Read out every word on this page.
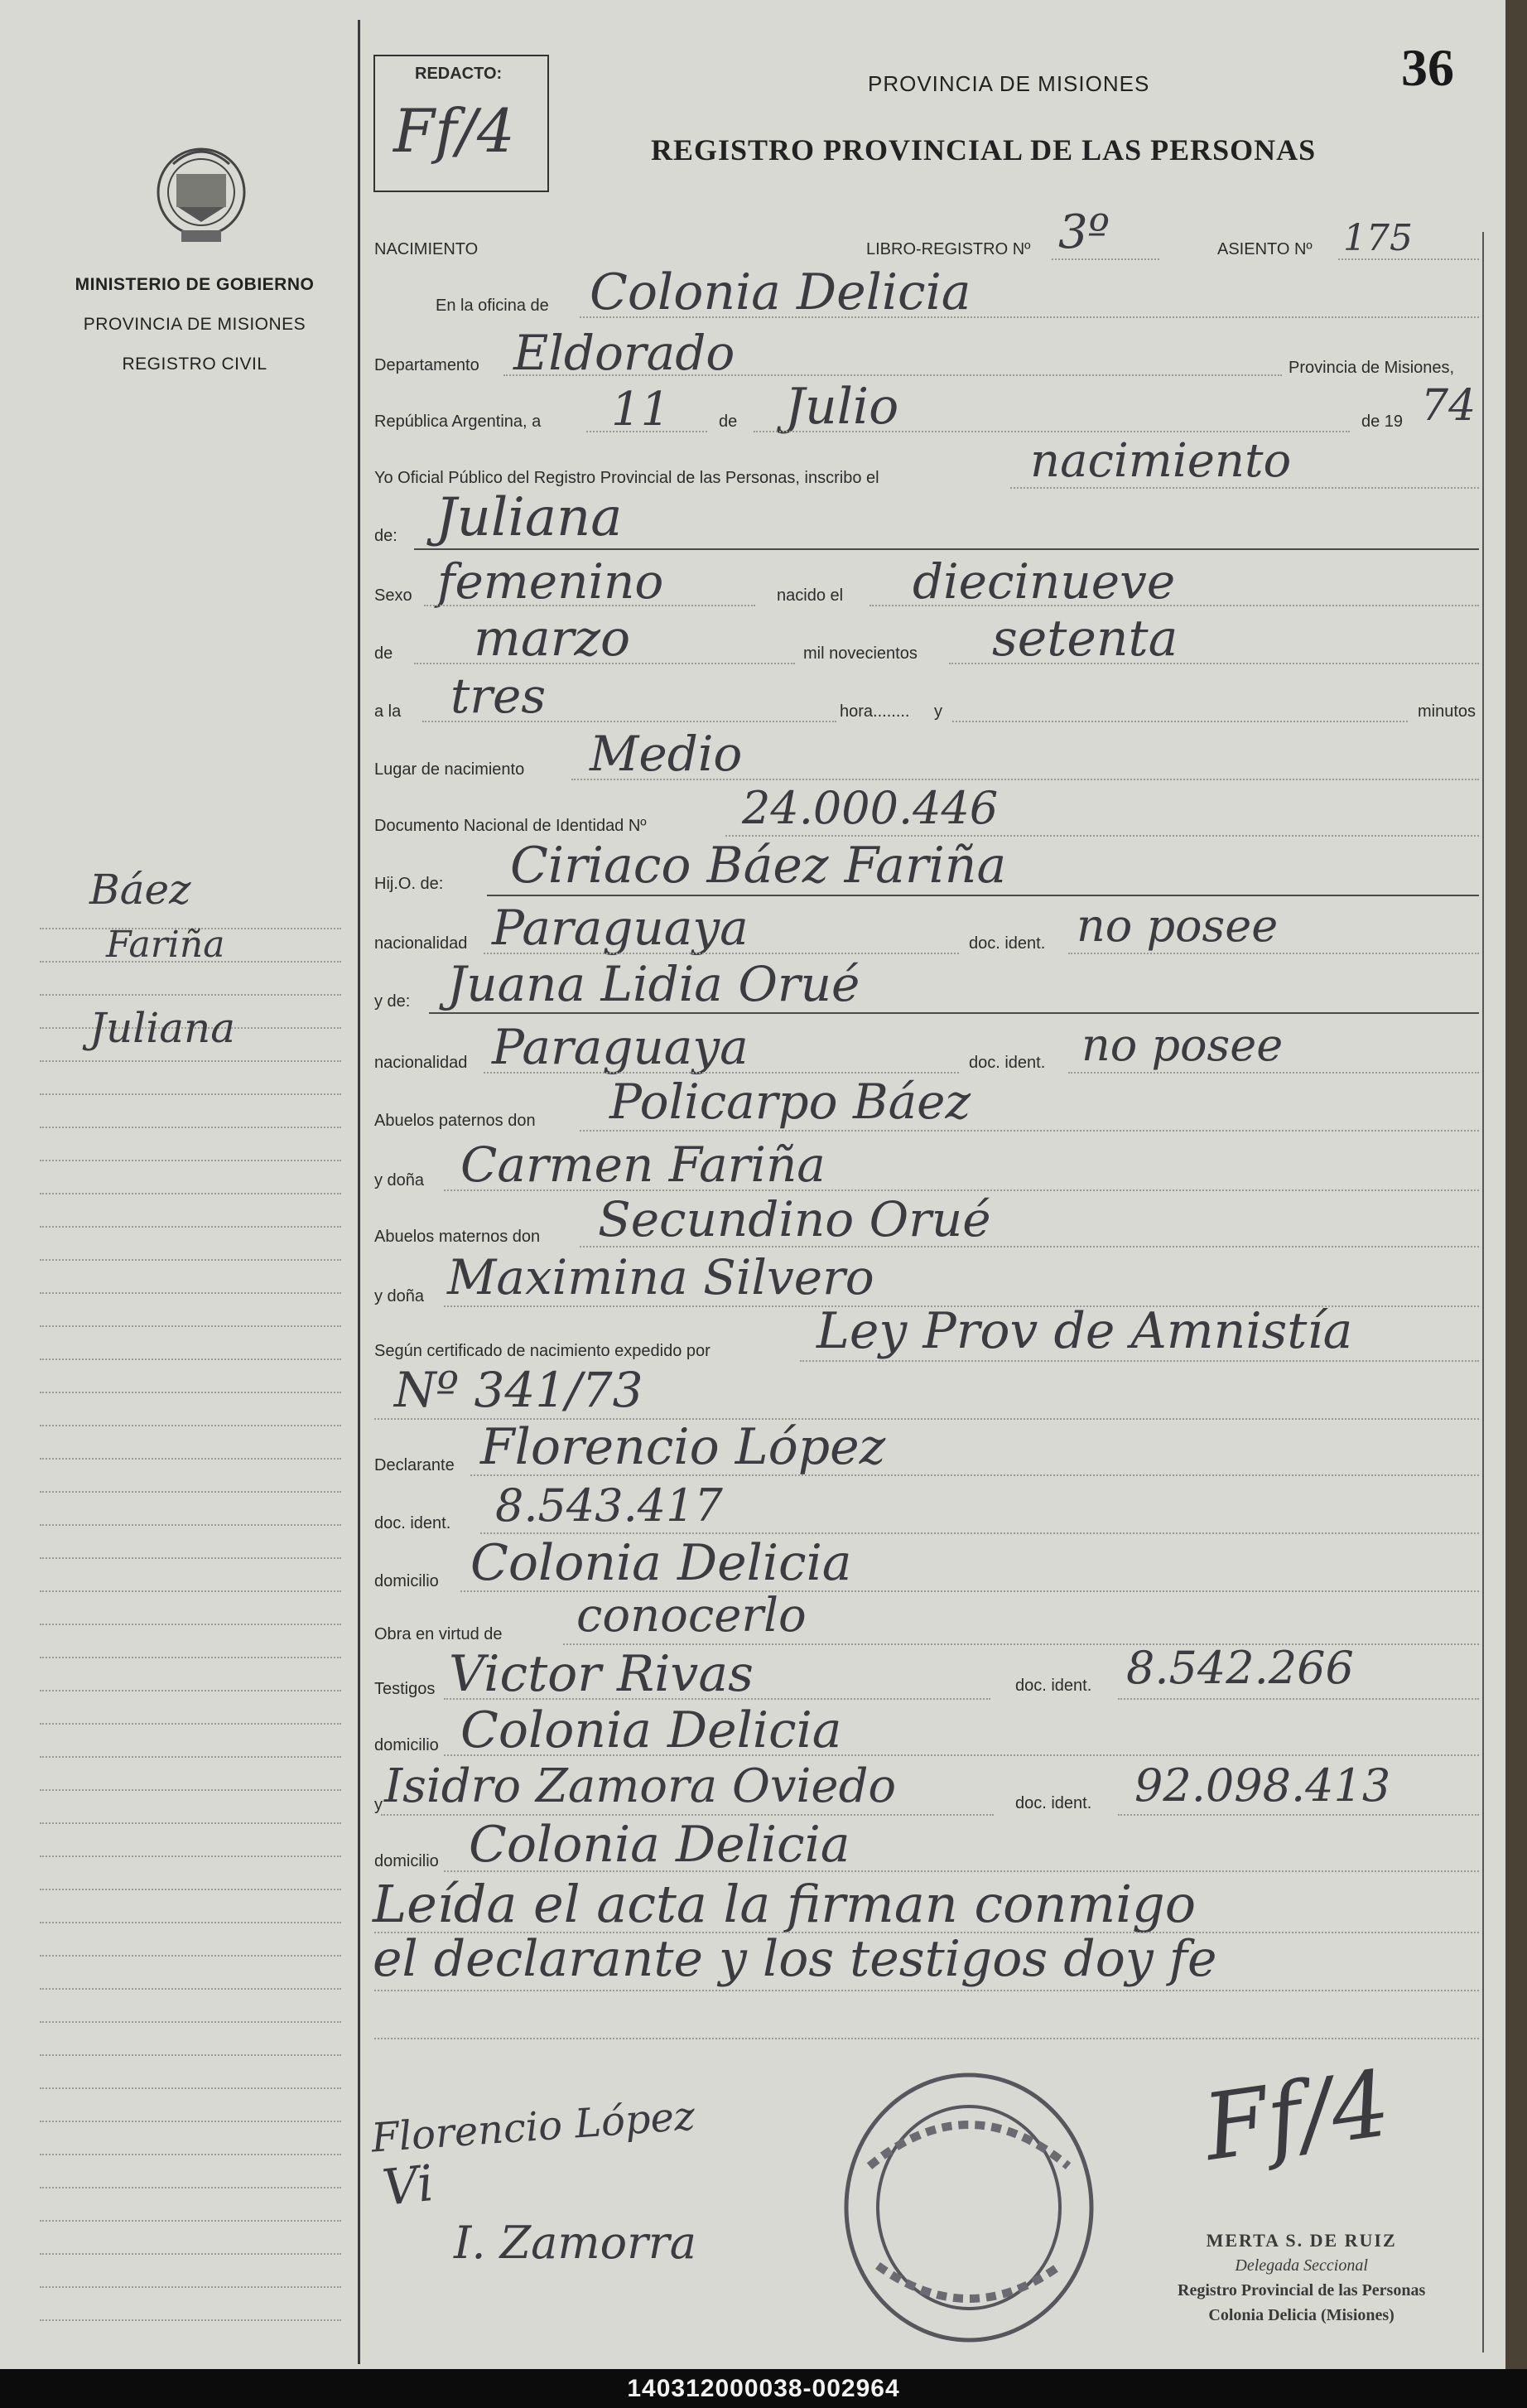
MINISTERIO DE GOBIERNO
PROVINCIA DE MISIONES
REGISTRO CIVIL
Báez
Fariña
Juliana
REDACTO:
Ff/4
36
PROVINCIA DE MISIONES
REGISTRO PROVINCIAL DE LAS PERSONAS
NACIMIENTO	LIBRO-REGISTRO Nº 3º	ASIENTO Nº 175
En la oficina de Colonia Delicia
Departamento Eldorado	Provincia de Misiones,
República Argentina, a 11	de Julio	de 19 74
Yo Oficial Público del Registro Provincial de las Personas, inscribo el	nacimiento
de: Juliana
Sexo femenino	nacido el diecinueve
de marzo	mil novecientos setenta
a la tres	hora........ y	minutos
Lugar de nacimiento Medio
Documento Nacional de Identidad Nº 24.000.446
Hij.O. de: Ciriaco Báez Fariña
nacionalidad Paraguaya	doc. ident. no posee
y de: Juana Lidia Orué
nacionalidad Paraguaya	doc. ident. no posee
Abuelos paternos don Policarpo Báez
y doña Carmen Fariña
Abuelos maternos don Secundino Orué
y doña Maximina Silvero
Según certificado de nacimiento expedido por Ley Prov de Amnistía
Nº 341/73
Declarante Florencio López
doc. ident. 8.543.417
domicilio Colonia Delicia
Obra en virtud de conocerlo
Testigos Victor Rivas	doc. ident. 8.542.266
domicilio Colonia Delicia
y Isidro Zamora Oviedo	doc. ident. 92.098.413
domicilio Colonia Delicia
Leída el acta la firman conmigo
el declarante y los testigos doy fe
Florencio López
Vi
I. Zamorra
Ff/4
MERTA S. DE RUIZ
Delegada Seccional
Registro Provincial de las Personas
Colonia Delicia (Misiones)
140312000038-002964
